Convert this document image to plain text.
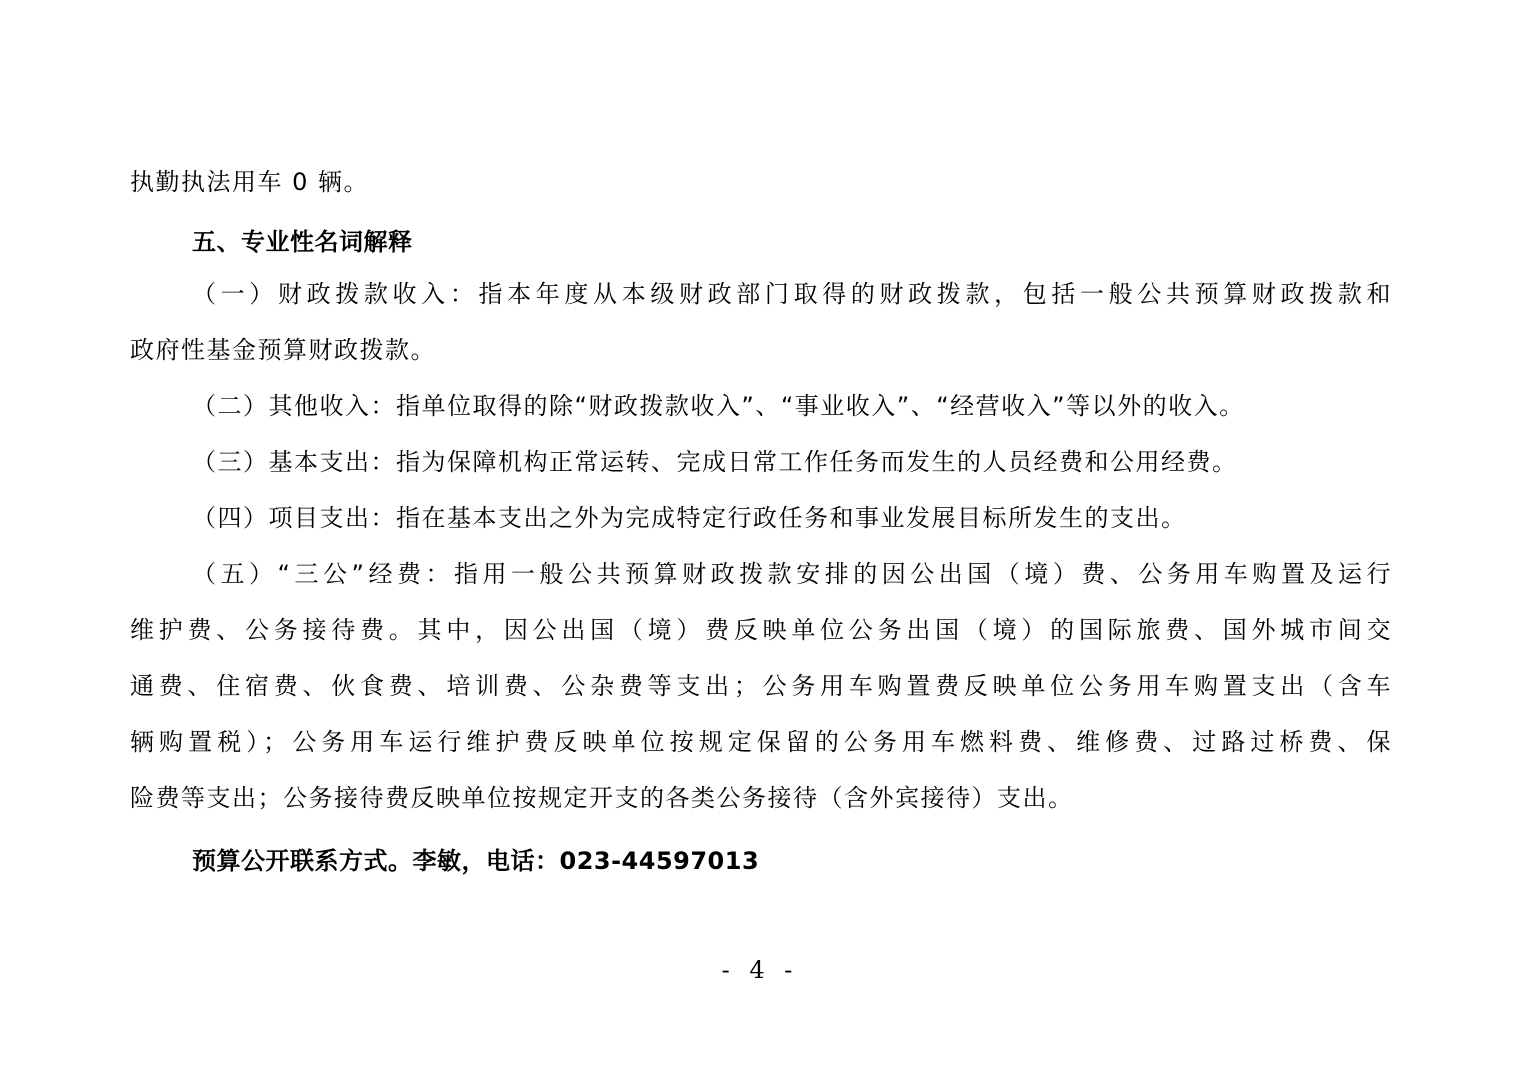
执勤执法用车 0 辆。
五、专业性名词解释
（一）财政拨款收入：指本年度从本级财政部门取得的财政拨款，包括一般公共预算财政拨款和
政府性基金预算财政拨款。
（二）其他收入：指单位取得的除“财政拨款收入”、“事业收入”、“经营收入”等以外的收入。
（三）基本支出：指为保障机构正常运转、完成日常工作任务而发生的人员经费和公用经费。
（四）项目支出：指在基本支出之外为完成特定行政任务和事业发展目标所发生的支出。
（五）“三公”经费：指用一般公共预算财政拨款安排的因公出国（境）费、公务用车购置及运行
维护费、公务接待费。其中，因公出国（境）费反映单位公务出国（境）的国际旅费、国外城市间交
通费、住宿费、伙食费、培训费、公杂费等支出；公务用车购置费反映单位公务用车购置支出（含车
辆购置税）；公务用车运行维护费反映单位按规定保留的公务用车燃料费、维修费、过路过桥费、保
险费等支出；公务接待费反映单位按规定开支的各类公务接待（含外宾接待）支出。
预算公开联系方式。李敏，电话：023-44597013
- 4 -
